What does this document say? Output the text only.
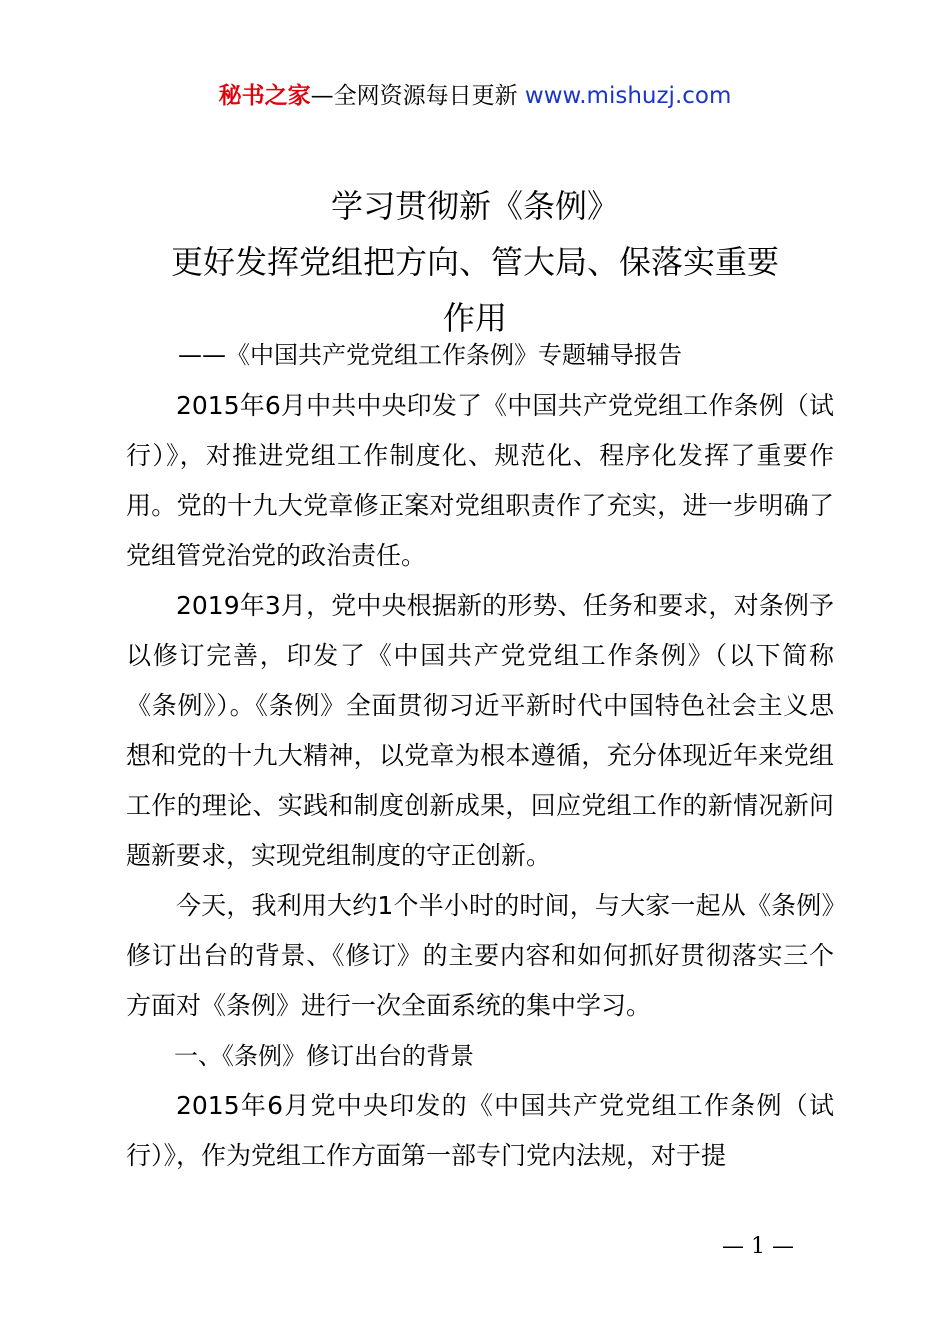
秘书之家—全网资源每日更新 www.mishuzj.com
学习贯彻新《条例》
更好发挥党组把方向、管大局、保落实重要
作用
——《中国共产党党组工作条例》专题辅导报告

2015年6月中共中央印发了《中国共产党党组工作条例（试行）》，对推进党组工作制度化、规范化、程序化发挥了重要作用。党的十九大党章修正案对党组职责作了充实，进一步明确了党组管党治党的政治责任。

2019年3月，党中央根据新的形势、任务和要求，对条例予以修订完善，印发了《中国共产党党组工作条例》（以下简称《条例》）。《条例》全面贯彻习近平新时代中国特色社会主义思想和党的十九大精神，以党章为根本遵循，充分体现近年来党组工作的理论、实践和制度创新成果，回应党组工作的新情况新问题新要求，实现党组制度的守正创新。

今天，我利用大约1个半小时的时间，与大家一起从《条例》修订出台的背景、《修订》的主要内容和如何抓好贯彻落实三个方面对《条例》进行一次全面系统的集中学习。

一、《条例》修订出台的背景

2015年6月党中央印发的《中国共产党党组工作条例（试行）》，作为党组工作方面第一部专门党内法规，对于提

— 1 —
